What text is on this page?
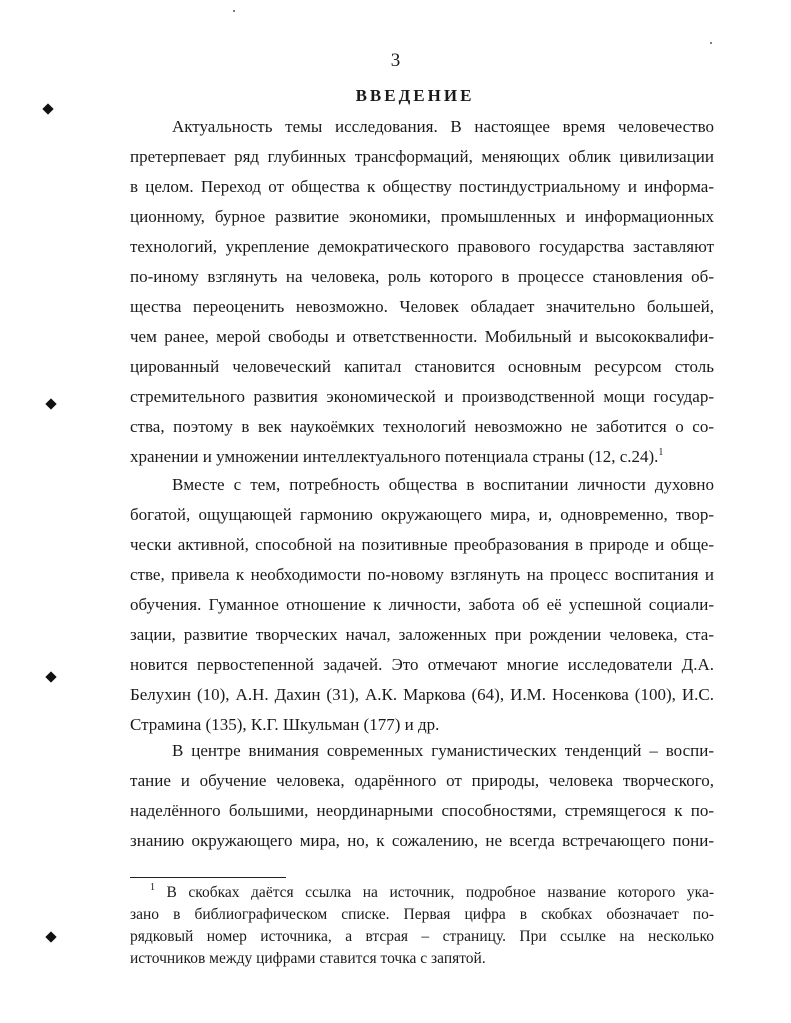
3
ВВЕДЕНИЕ
Актуальность темы исследования. В настоящее время человечество
претерпевает ряд глубинных трансформаций, меняющих облик цивилизации
в целом. Переход от общества к обществу постиндустриальному и информа-
ционному, бурное развитие экономики, промышленных и информационных
технологий, укрепление демократического правового государства заставляют
по-иному взглянуть на человека, роль которого в процессе становления об-
щества переоценить невозможно. Человек обладает значительно большей,
чем ранее, мерой свободы и ответственности. Мобильный и высококвалифи-
цированный человеческий капитал становится основным ресурсом столь
стремительного развития экономической и производственной мощи государ-
ства, поэтому в век наукоёмких технологий невозможно не заботится о со-
хранении и умножении интеллектуального потенциала страны (12, с.24).$^1$
Вместе с тем, потребность общества в воспитании личности духовно
богатой, ощущающей гармонию окружающего мира, и, одновременно, твор-
чески активной, способной на позитивные преобразования в природе и обще-
стве, привела к необходимости по-новому взглянуть на процесс воспитания и
обучения. Гуманное отношение к личности, забота об её успешной социали-
зации, развитие творческих начал, заложенных при рождении человека, ста-
новится первостепенной задачей. Это отмечают многие исследователи Д.А.
Белухин (10), А.Н. Дахин (31), А.К. Маркова (64), И.М. Носенкова (100), И.С.
Страмина (135), К.Г. Шкульман (177) и др.
В центре внимания современных гуманистических тенденций – воспи-
тание и обучение человека, одарённого от природы, человека творческого,
наделённого большими, неординарными способностями, стремящегося к по-
знанию окружающего мира, но, к сожалению, не всегда встречающего пони-
$^1$ В скобках даётся ссылка на источник, подробное название которого ука-
зано в библиографическом списке. Первая цифра в скобках обозначает по-
рядковый номер источника, а втсрая – страницу. При ссылке на несколько
источников между цифрами ставится точка с запятой.
